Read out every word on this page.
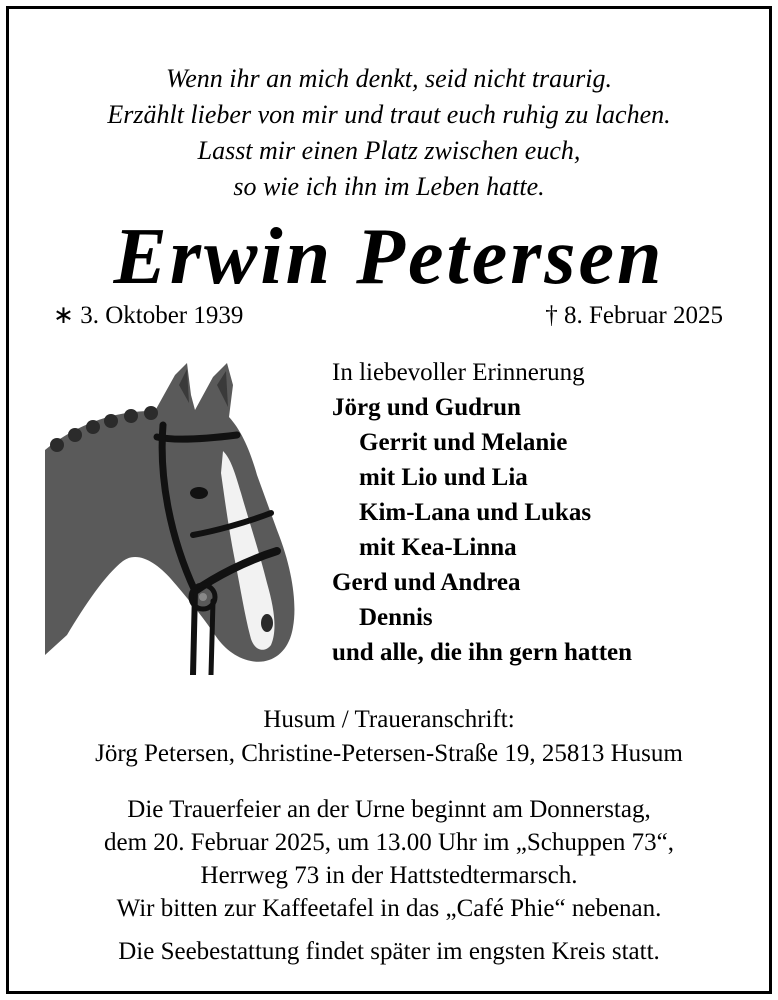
Wenn ihr an mich denkt, seid nicht traurig.
Erzählt lieber von mir und traut euch ruhig zu lachen.
Lasst mir einen Platz zwischen euch,
so wie ich ihn im Leben hatte.
Erwin Petersen
∗ 3. Oktober 1939	† 8. Februar 2025
In liebevoller Erinnerung
Jörg und Gudrun
Gerrit und Melanie
mit Lio und Lia
Kim-Lana und Lukas
mit Kea-Linna
Gerd und Andrea
Dennis
und alle, die ihn gern hatten
Husum / Traueranschrift:
Jörg Petersen, Christine-Petersen-Straße 19, 25813 Husum
Die Trauerfeier an der Urne beginnt am Donnerstag,
dem 20. Februar 2025, um 13.00 Uhr im „Schuppen 73“,
Herrweg 73 in der Hattstedtermarsch.
Wir bitten zur Kaffeetafel in das „Café Phie“ nebenan.
Die Seebestattung findet später im engsten Kreis statt.
